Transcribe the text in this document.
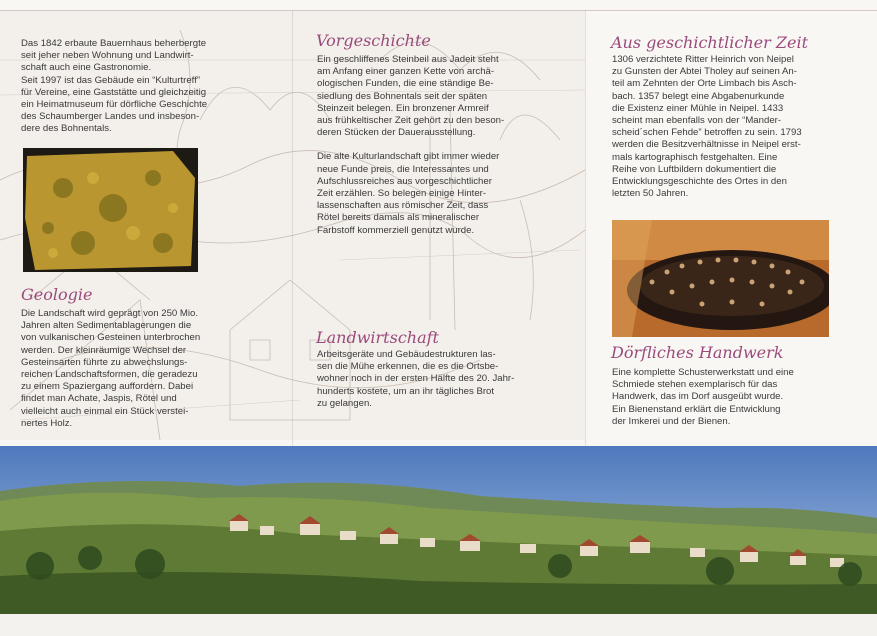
Das 1842 erbaute Bauernhaus beherbergte
seit jeher neben Wohnung und Landwirt-
schaft auch eine Gastronomie.
Seit 1997 ist das Gebäude ein “Kulturtreff”
für Vereine, eine Gaststätte und gleichzeitig
ein Heimatmuseum für dörfliche Geschichte
des Schaumberger Landes und insbeson-
dere des Bohnentals.

Geologie

Die Landschaft wird geprägt von 250 Mio.
Jahren alten Sedimentablagerungen die
von vulkanischen Gesteinen unterbrochen
werden. Der kleinräumige Wechsel der
Gesteinsarten führte zu abwechslungs-
reichen Landschaftsformen, die geradezu
zu einem Spaziergang auffordern. Dabei
findet man Achate, Jaspis, Rötel und
vielleicht auch einmal ein Stück verstei-
nertes Holz.

Vorgeschichte

Ein geschliffenes Steinbeil aus Jadeit steht
am Anfang einer ganzen Kette von archä-
ologischen Funden, die eine ständige Be-
siedlung des Bohnentals seit der späten
Steinzeit belegen. Ein bronzener Armreif
aus frühkeltischer Zeit gehört zu den beson-
deren Stücken der Dauerausstellung.

Die alte Kulturlandschaft gibt immer wieder
neue Funde preis, die Interessantes und
Aufschlussreiches aus vorgeschichtlicher
Zeit erzählen. So belegen einige Hinter-
lassenschaften aus römischer Zeit, dass
Rötel bereits damals als mineralischer
Farbstoff kommerziell genutzt wurde.

Landwirtschaft

Arbeitsgeräte und Gebäudestrukturen las-
sen die Mühe erkennen, die es die Ortsbe-
wohner noch in der ersten Hälfte des 20. Jahr-
hunderts kostete, um an ihr tägliches Brot
zu gelangen.

Aus geschichtlicher Zeit

1306 verzichtete Ritter Heinrich von Neipel
zu Gunsten der Abtei Tholey auf seinen An-
teil am Zehnten der Orte Limbach bis Asch-
bach. 1357 belegt eine Abgabenurkunde
die Existenz einer Mühle in Neipel. 1433
scheint man ebenfalls von der “Mander-
scheid´schen Fehde” betroffen zu sein. 1793
werden die Besitzverhältnisse in Neipel erst-
mals kartographisch festgehalten. Eine
Reihe von Luftbildern dokumentiert die
Entwicklungsgeschichte des Ortes in den
letzten 50 Jahren.

Dörfliches Handwerk

Eine komplette Schusterwerkstatt und eine
Schmiede stehen exemplarisch für das
Handwerk, das im Dorf ausgeübt wurde.
Ein Bienenstand erklärt die Entwicklung
der Imkerei und der Bienen.
